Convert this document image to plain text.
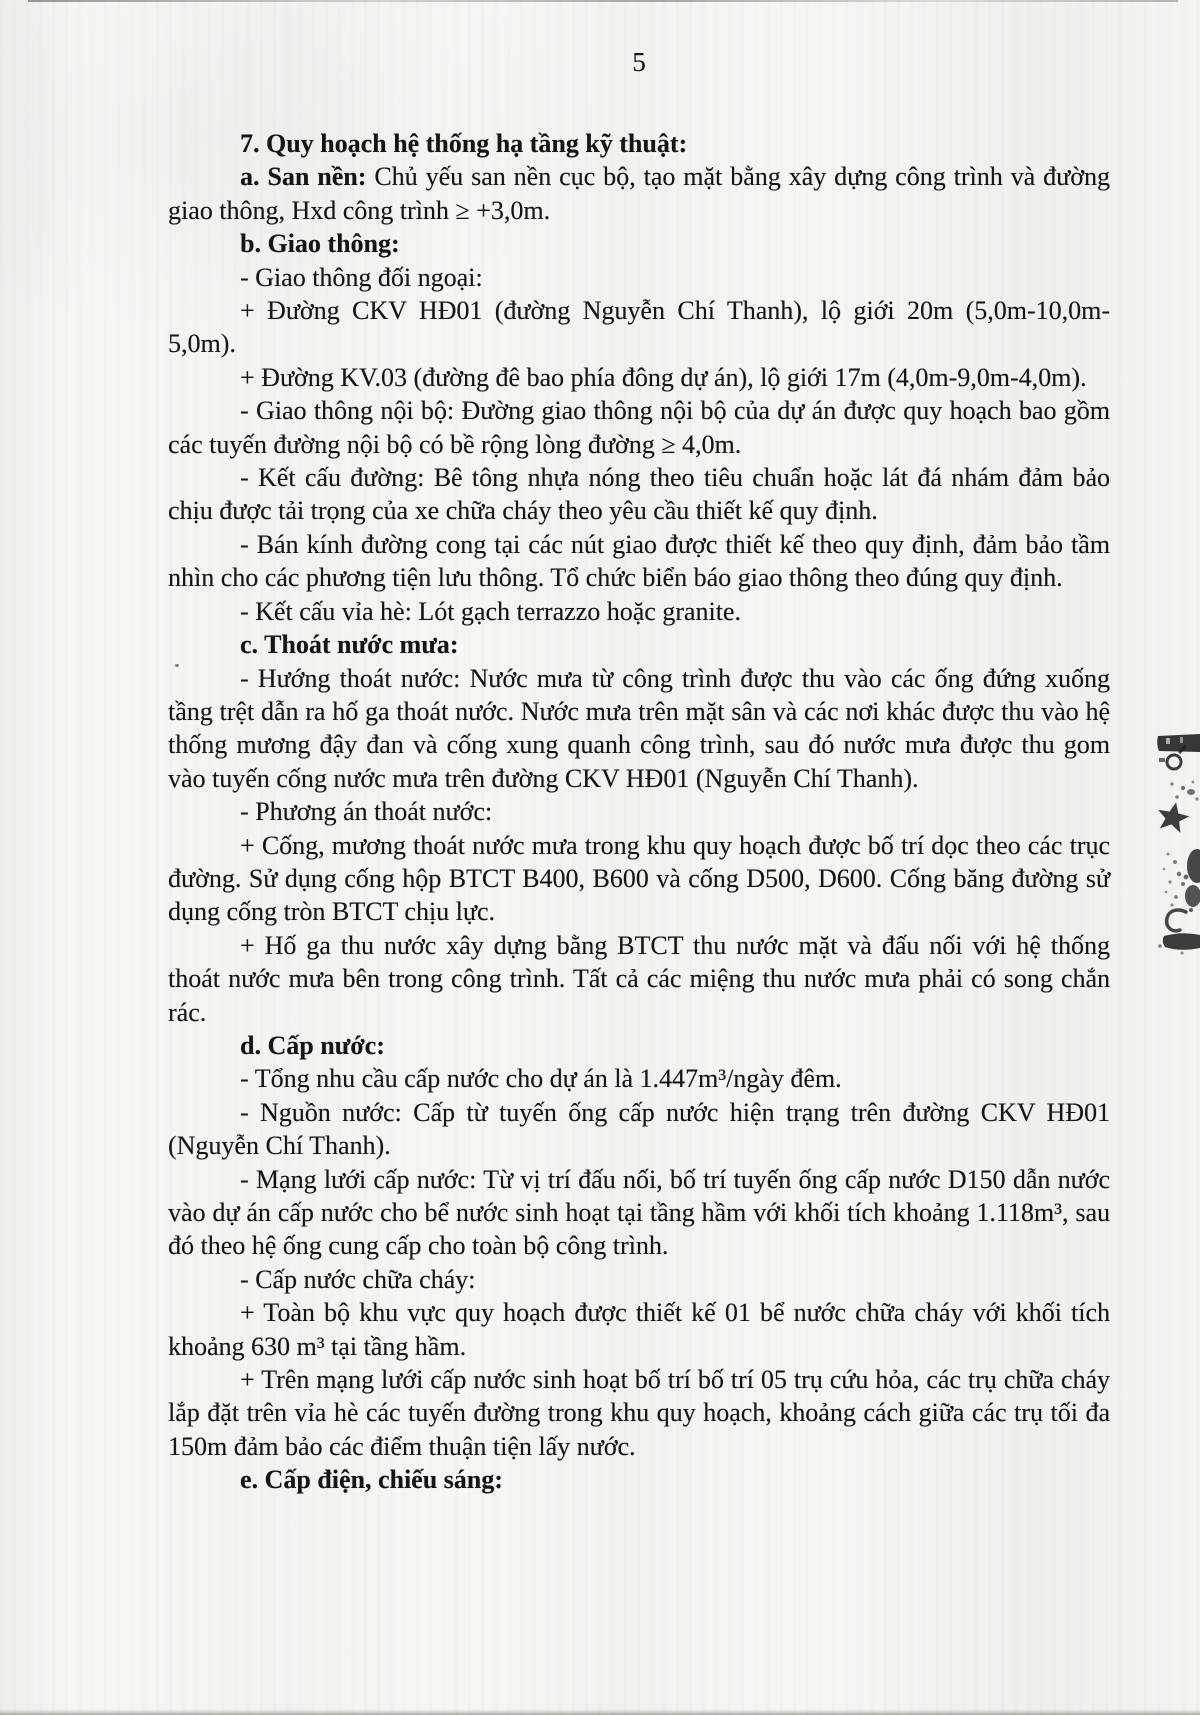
5

7. Quy hoạch hệ thống hạ tầng kỹ thuật:

a. San nền: Chủ yếu san nền cục bộ, tạo mặt bằng xây dựng công trình và đường giao thông, Hxd công trình ≥ +3,0m.

b. Giao thông:

- Giao thông đối ngoại:

+ Đường CKV HĐ01 (đường Nguyễn Chí Thanh), lộ giới 20m (5,0m-10,0m-5,0m).

+ Đường KV.03 (đường đê bao phía đông dự án), lộ giới 17m (4,0m-9,0m-4,0m).

- Giao thông nội bộ: Đường giao thông nội bộ của dự án được quy hoạch bao gồm các tuyến đường nội bộ có bề rộng lòng đường ≥ 4,0m.

- Kết cấu đường: Bê tông nhựa nóng theo tiêu chuẩn hoặc lát đá nhám đảm bảo chịu được tải trọng của xe chữa cháy theo yêu cầu thiết kế quy định.

- Bán kính đường cong tại các nút giao được thiết kế theo quy định, đảm bảo tầm nhìn cho các phương tiện lưu thông. Tổ chức biển báo giao thông theo đúng quy định.

- Kết cấu vỉa hè: Lót gạch terrazzo hoặc granite.

c. Thoát nước mưa:

- Hướng thoát nước: Nước mưa từ công trình được thu vào các ống đứng xuống tầng trệt dẫn ra hố ga thoát nước. Nước mưa trên mặt sân và các nơi khác được thu vào hệ thống mương đậy đan và cống xung quanh công trình, sau đó nước mưa được thu gom vào tuyến cống nước mưa trên đường CKV HĐ01 (Nguyễn Chí Thanh).

- Phương án thoát nước:

+ Cống, mương thoát nước mưa trong khu quy hoạch được bố trí dọc theo các trục đường. Sử dụng cống hộp BTCT B400, B600 và cống D500, D600. Cống băng đường sử dụng cống tròn BTCT chịu lực.

+ Hố ga thu nước xây dựng bằng BTCT thu nước mặt và đấu nối với hệ thống thoát nước mưa bên trong công trình. Tất cả các miệng thu nước mưa phải có song chắn rác.

d. Cấp nước:

- Tổng nhu cầu cấp nước cho dự án là 1.447m³/ngày đêm.

- Nguồn nước: Cấp từ tuyến ống cấp nước hiện trạng trên đường CKV HĐ01 (Nguyễn Chí Thanh).

- Mạng lưới cấp nước: Từ vị trí đấu nối, bố trí tuyến ống cấp nước D150 dẫn nước vào dự án cấp nước cho bể nước sinh hoạt tại tầng hầm với khối tích khoảng 1.118m³, sau đó theo hệ ống cung cấp cho toàn bộ công trình.

- Cấp nước chữa cháy:

+ Toàn bộ khu vực quy hoạch được thiết kế 01 bể nước chữa cháy với khối tích khoảng 630 m³ tại tầng hầm.

+ Trên mạng lưới cấp nước sinh hoạt bố trí bố trí 05 trụ cứu hỏa, các trụ chữa cháy lắp đặt trên vỉa hè các tuyến đường trong khu quy hoạch, khoảng cách giữa các trụ tối đa 150m đảm bảo các điểm thuận tiện lấy nước.

e. Cấp điện, chiếu sáng:
